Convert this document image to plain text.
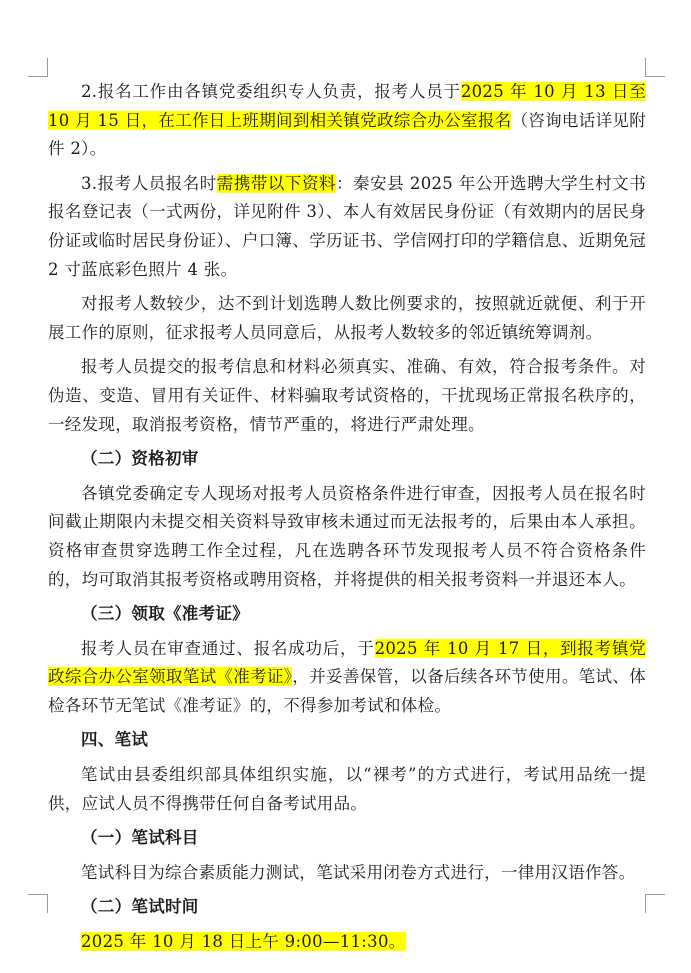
2.报名工作由各镇党委组织专人负责，报考人员于2025 年 10 月 13 日至 10 月 15 日，在工作日上班期间到相关镇党政综合办公室报名（咨询电话详见附件 2）。

3.报考人员报名时需携带以下资料：秦安县 2025 年公开选聘大学生村文书报名登记表（一式两份，详见附件 3）、本人有效居民身份证（有效期内的居民身份证或临时居民身份证）、户口簿、学历证书、学信网打印的学籍信息、近期免冠 2 寸蓝底彩色照片 4 张。

对报考人数较少，达不到计划选聘人数比例要求的，按照就近就便、利于开展工作的原则，征求报考人员同意后，从报考人数较多的邻近镇统筹调剂。

报考人员提交的报考信息和材料必须真实、准确、有效，符合报考条件。对伪造、变造、冒用有关证件、材料骗取考试资格的，干扰现场正常报名秩序的，一经发现，取消报考资格，情节严重的，将进行严肃处理。

（二）资格初审

各镇党委确定专人现场对报考人员资格条件进行审查，因报考人员在报名时间截止期限内未提交相关资料导致审核未通过而无法报考的，后果由本人承担。资格审查贯穿选聘工作全过程，凡在选聘各环节发现报考人员不符合资格条件的，均可取消其报考资格或聘用资格，并将提供的相关报考资料一并退还本人。

（三）领取《准考证》

报考人员在审查通过、报名成功后，于2025 年 10 月 17 日，到报考镇党政综合办公室领取笔试《准考证》，并妥善保管，以备后续各环节使用。笔试、体检各环节无笔试《准考证》的，不得参加考试和体检。

四、笔试

笔试由县委组织部具体组织实施，以“裸考”的方式进行，考试用品统一提供，应试人员不得携带任何自备考试用品。

（一）笔试科目

笔试科目为综合素质能力测试，笔试采用闭卷方式进行，一律用汉语作答。

（二）笔试时间

2025 年 10 月 18 日上午 9:00—11:30。
